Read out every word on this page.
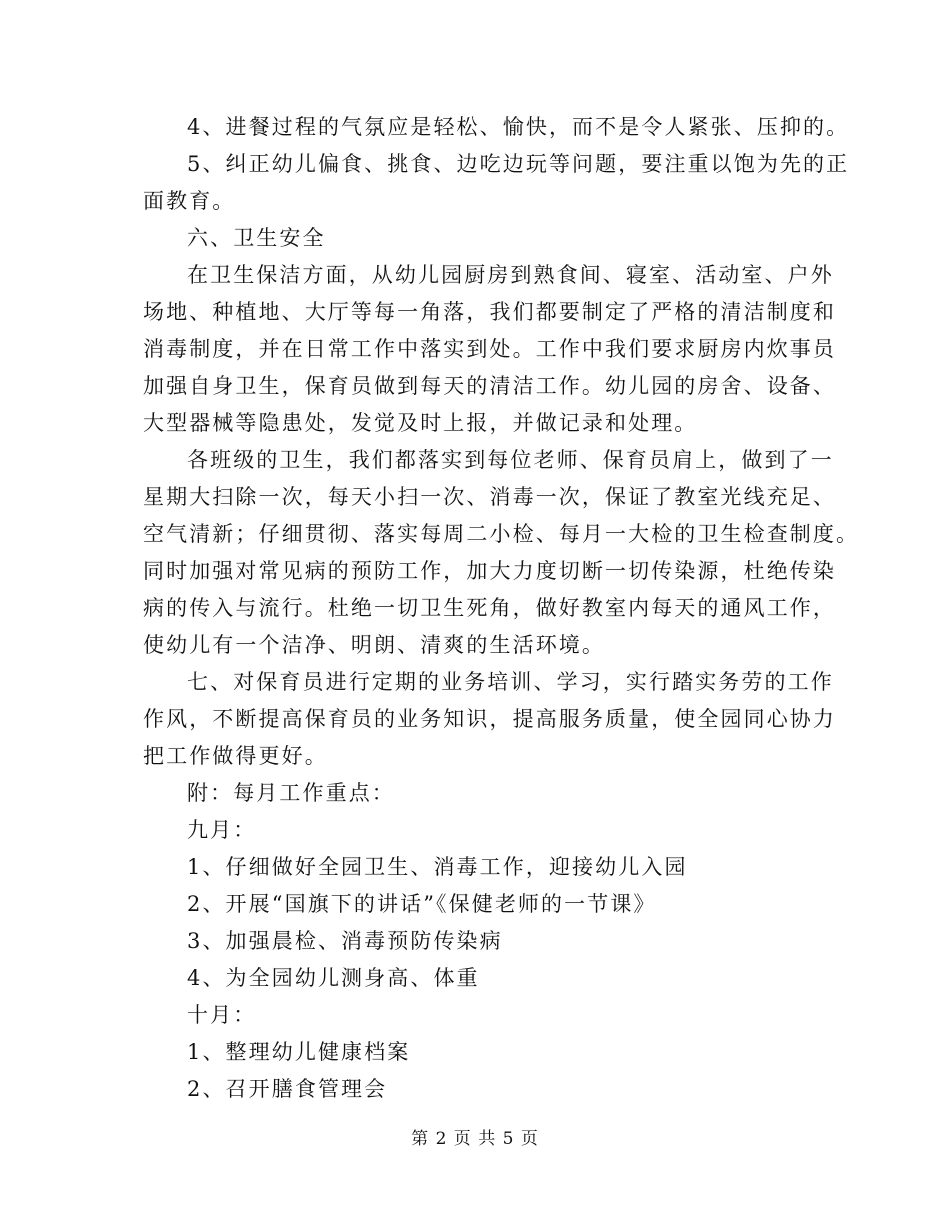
4、进餐过程的气氛应是轻松、愉快，而不是令人紧张、压抑的。
5、纠正幼儿偏食、挑食、边吃边玩等问题，要注重以饱为先的正
面教育。
六、卫生安全
在卫生保洁方面，从幼儿园厨房到熟食间、寝室、活动室、户外
场地、种植地、大厅等每一角落，我们都要制定了严格的清洁制度和
消毒制度，并在日常工作中落实到处。工作中我们要求厨房内炊事员
加强自身卫生，保育员做到每天的清洁工作。幼儿园的房舍、设备、
大型器械等隐患处，发觉及时上报，并做记录和处理。
各班级的卫生，我们都落实到每位老师、保育员肩上，做到了一
星期大扫除一次，每天小扫一次、消毒一次，保证了教室光线充足、
空气清新；仔细贯彻、落实每周二小检、每月一大检的卫生检查制度。
同时加强对常见病的预防工作，加大力度切断一切传染源，杜绝传染
病的传入与流行。杜绝一切卫生死角，做好教室内每天的通风工作，
使幼儿有一个洁净、明朗、清爽的生活环境。
七、对保育员进行定期的业务培训、学习，实行踏实务劳的工作
作风，不断提高保育员的业务知识，提高服务质量，使全园同心协力
把工作做得更好。
附：每月工作重点：
九月：
1、仔细做好全园卫生、消毒工作，迎接幼儿入园
2、开展“国旗下的讲话”《保健老师的一节课》
3、加强晨检、消毒预防传染病
4、为全园幼儿测身高、体重
十月：
1、整理幼儿健康档案
2、召开膳食管理会
第 2 页 共 5 页
